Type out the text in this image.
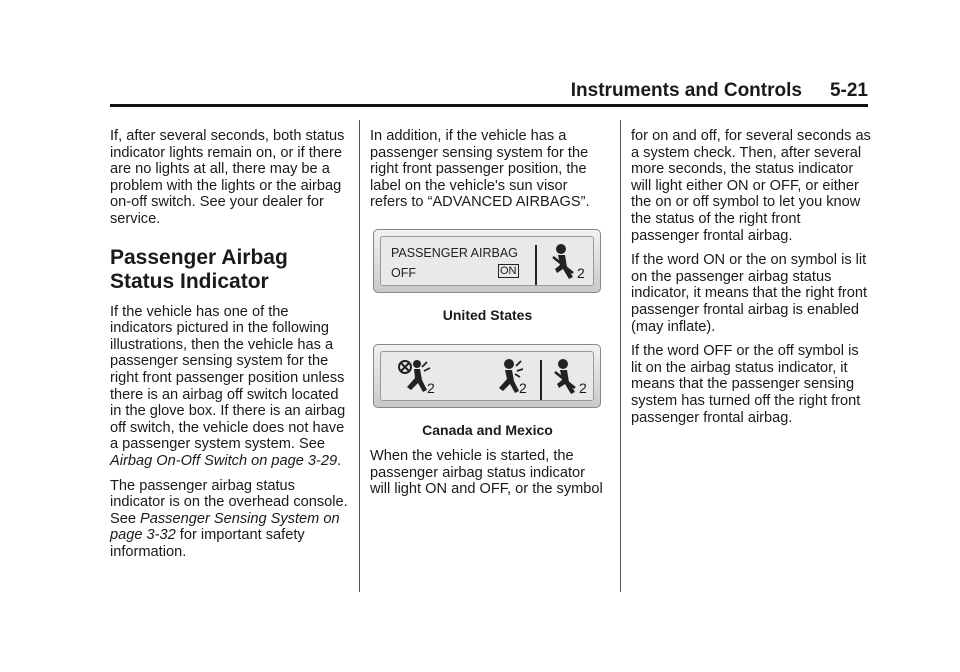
Instruments and Controls 5-21

If, after several seconds, both status indicator lights remain on, or if there are no lights at all, there may be a problem with the lights or the airbag on-off switch. See your dealer for service.

Passenger Airbag Status Indicator

If the vehicle has one of the indicators pictured in the following illustrations, then the vehicle has a passenger sensing system for the right front passenger position unless there is an airbag off switch located in the glove box. If there is an airbag off switch, the vehicle does not have a passenger system system. See Airbag On-Off Switch on page 3‑29.

The passenger airbag status indicator is on the overhead console. See Passenger Sensing System on page 3‑32 for important safety information.

In addition, if the vehicle has a passenger sensing system for the right front passenger position, the label on the vehicle's sun visor refers to “ADVANCED AIRBAGS”.

PASSENGER AIRBAG
OFF	ON	2
United States
2	2	2
Canada and Mexico

When the vehicle is started, the passenger airbag status indicator will light ON and OFF, or the symbol

for on and off, for several seconds as a system check. Then, after several more seconds, the status indicator will light either ON or OFF, or either the on or off symbol to let you know the status of the right front passenger frontal airbag.

If the word ON or the on symbol is lit on the passenger airbag status indicator, it means that the right front passenger frontal airbag is enabled (may inflate).

If the word OFF or the off symbol is lit on the airbag status indicator, it means that the passenger sensing system has turned off the right front passenger frontal airbag.
